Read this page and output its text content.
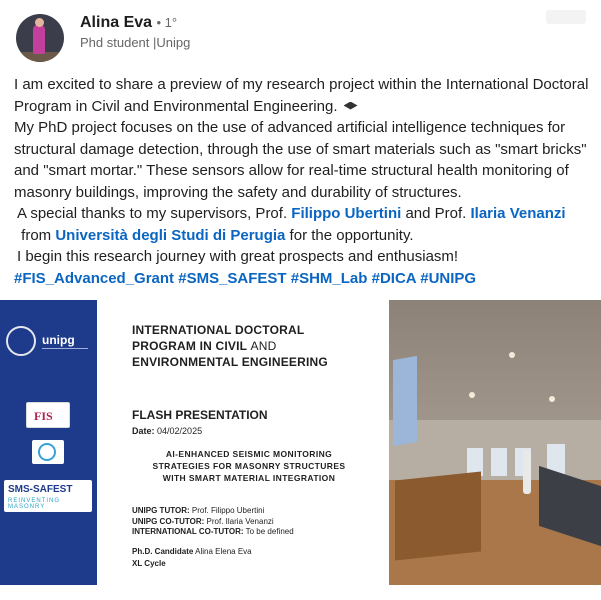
Alina Eva • 1°
Phd student |Unipg

I am excited to share a preview of my research project within the International Doctoral Program in Civil and Environmental Engineering.

My PhD project focuses on the use of advanced artificial intelligence techniques for structural damage detection, through the use of smart materials such as "smart bricks" and "smart mortar." These sensors allow for real-time structural health monitoring of masonry buildings, improving the safety and durability of structures.

A special thanks to my supervisors, Prof. Filippo Ubertini and Prof. Ilaria Venanzi

from Università degli Studi di Perugia for the opportunity.

I begin this research journey with great prospects and enthusiasm!

#FIS_Advanced_Grant #SMS_SAFEST #SHM_Lab #DICA #UNIPG

unipg
FIS
SMS-SAFEST
REINVENTING MASONRY
INTERNATIONAL DOCTORAL
PROGRAM IN CIVIL AND
ENVIRONMENTAL ENGINEERING
FLASH PRESENTATION
Date: 04/02/2025
AI-ENHANCED SEISMIC MONITORING STRATEGIES FOR MASONRY STRUCTURES WITH SMART MATERIAL INTEGRATION
UNIPG TUTOR: Prof. Filippo Ubertini
UNIPG CO-TUTOR: Prof. Ilaria Venanzi
INTERNATIONAL CO-TUTOR: To be defined
Ph.D. Candidate Alina Elena Eva
XL Cycle
